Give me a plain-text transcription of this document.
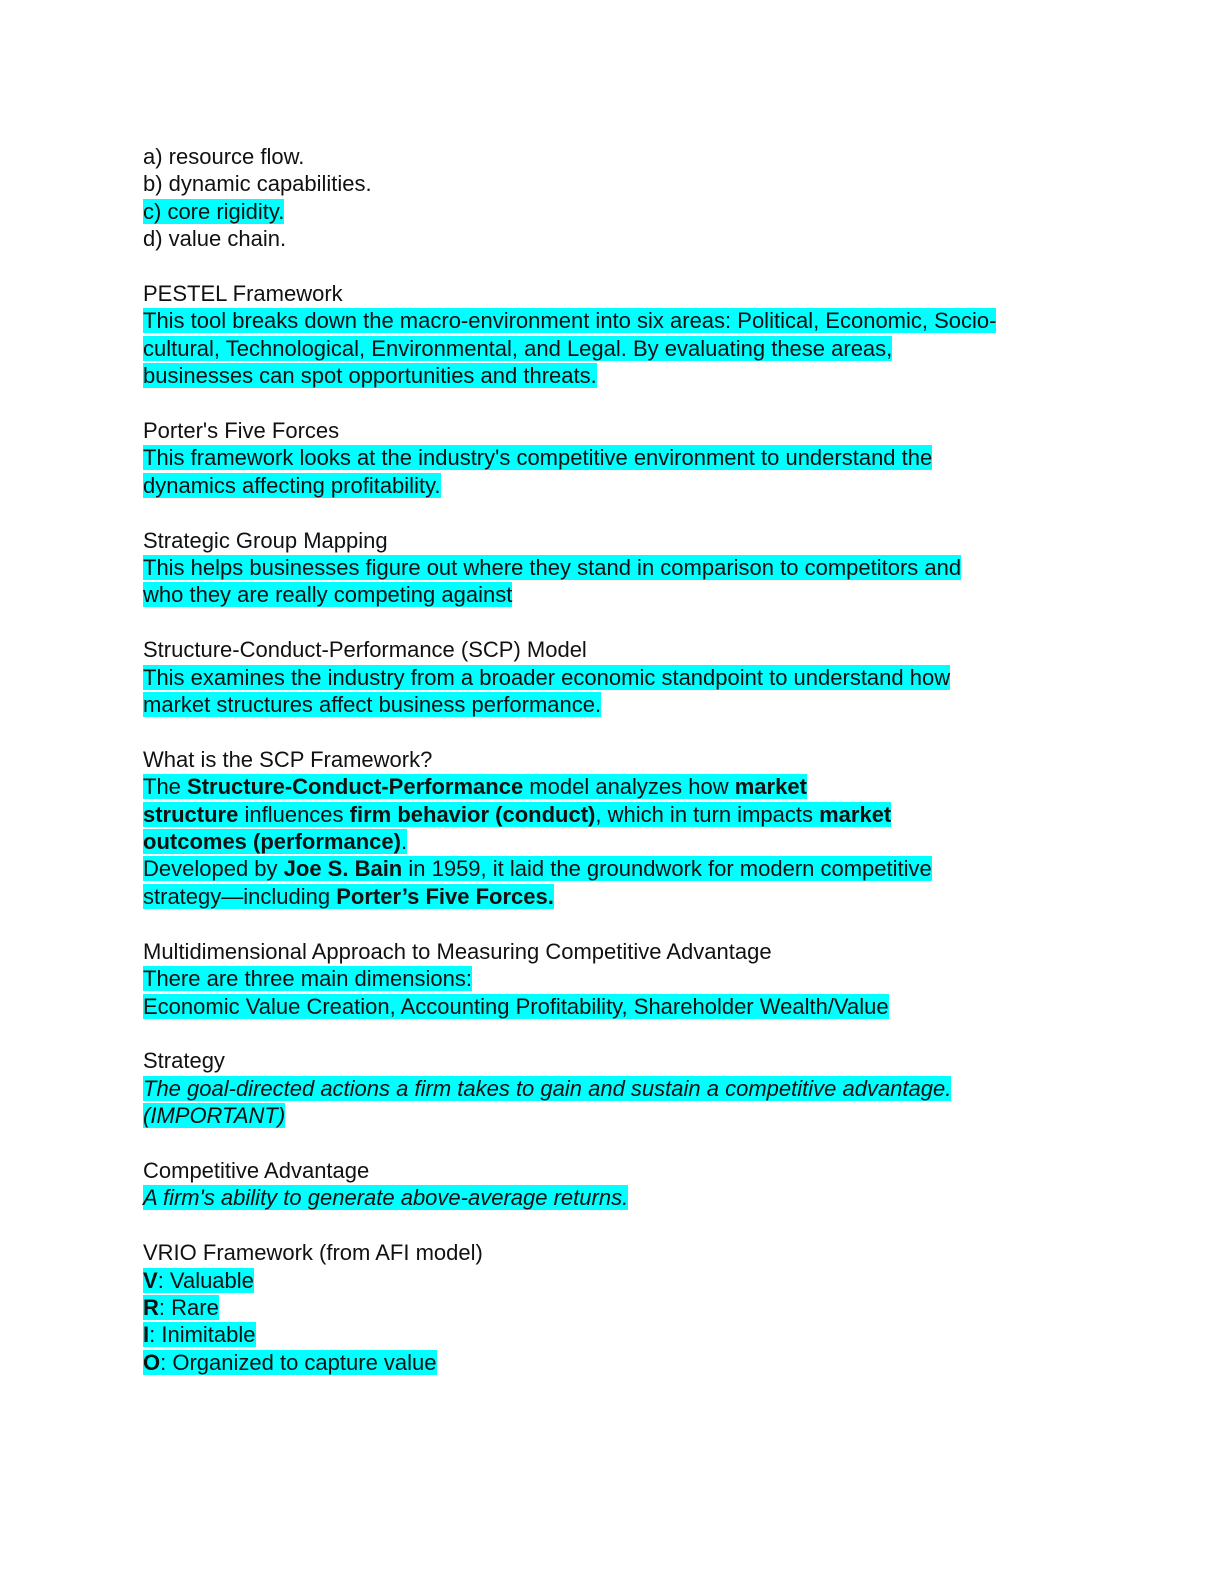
a) resource flow.
b) dynamic capabilities.
c) core rigidity.
d) value chain.
PESTEL Framework
This tool breaks down the macro-environment into six areas: Political, Economic, Socio-
cultural, Technological, Environmental, and Legal. By evaluating these areas,
businesses can spot opportunities and threats.
Porter's Five Forces
This framework looks at the industry's competitive environment to understand the
dynamics affecting profitability.
Strategic Group Mapping
This helps businesses figure out where they stand in comparison to competitors and
who they are really competing against
Structure-Conduct-Performance (SCP) Model
This examines the industry from a broader economic standpoint to understand how
market structures affect business performance.
What is the SCP Framework?
The Structure-Conduct-Performance model analyzes how market
structure influences firm behavior (conduct), which in turn impacts market
outcomes (performance).
Developed by Joe S. Bain in 1959, it laid the groundwork for modern competitive
strategy—including Porter’s Five Forces.
Multidimensional Approach to Measuring Competitive Advantage
There are three main dimensions:
Economic Value Creation, Accounting Profitability, Shareholder Wealth/Value
Strategy
The goal-directed actions a firm takes to gain and sustain a competitive advantage.
(IMPORTANT)
Competitive Advantage
A firm's ability to generate above-average returns.
VRIO Framework (from AFI model)
V: Valuable
R: Rare
I: Inimitable
O: Organized to capture value
